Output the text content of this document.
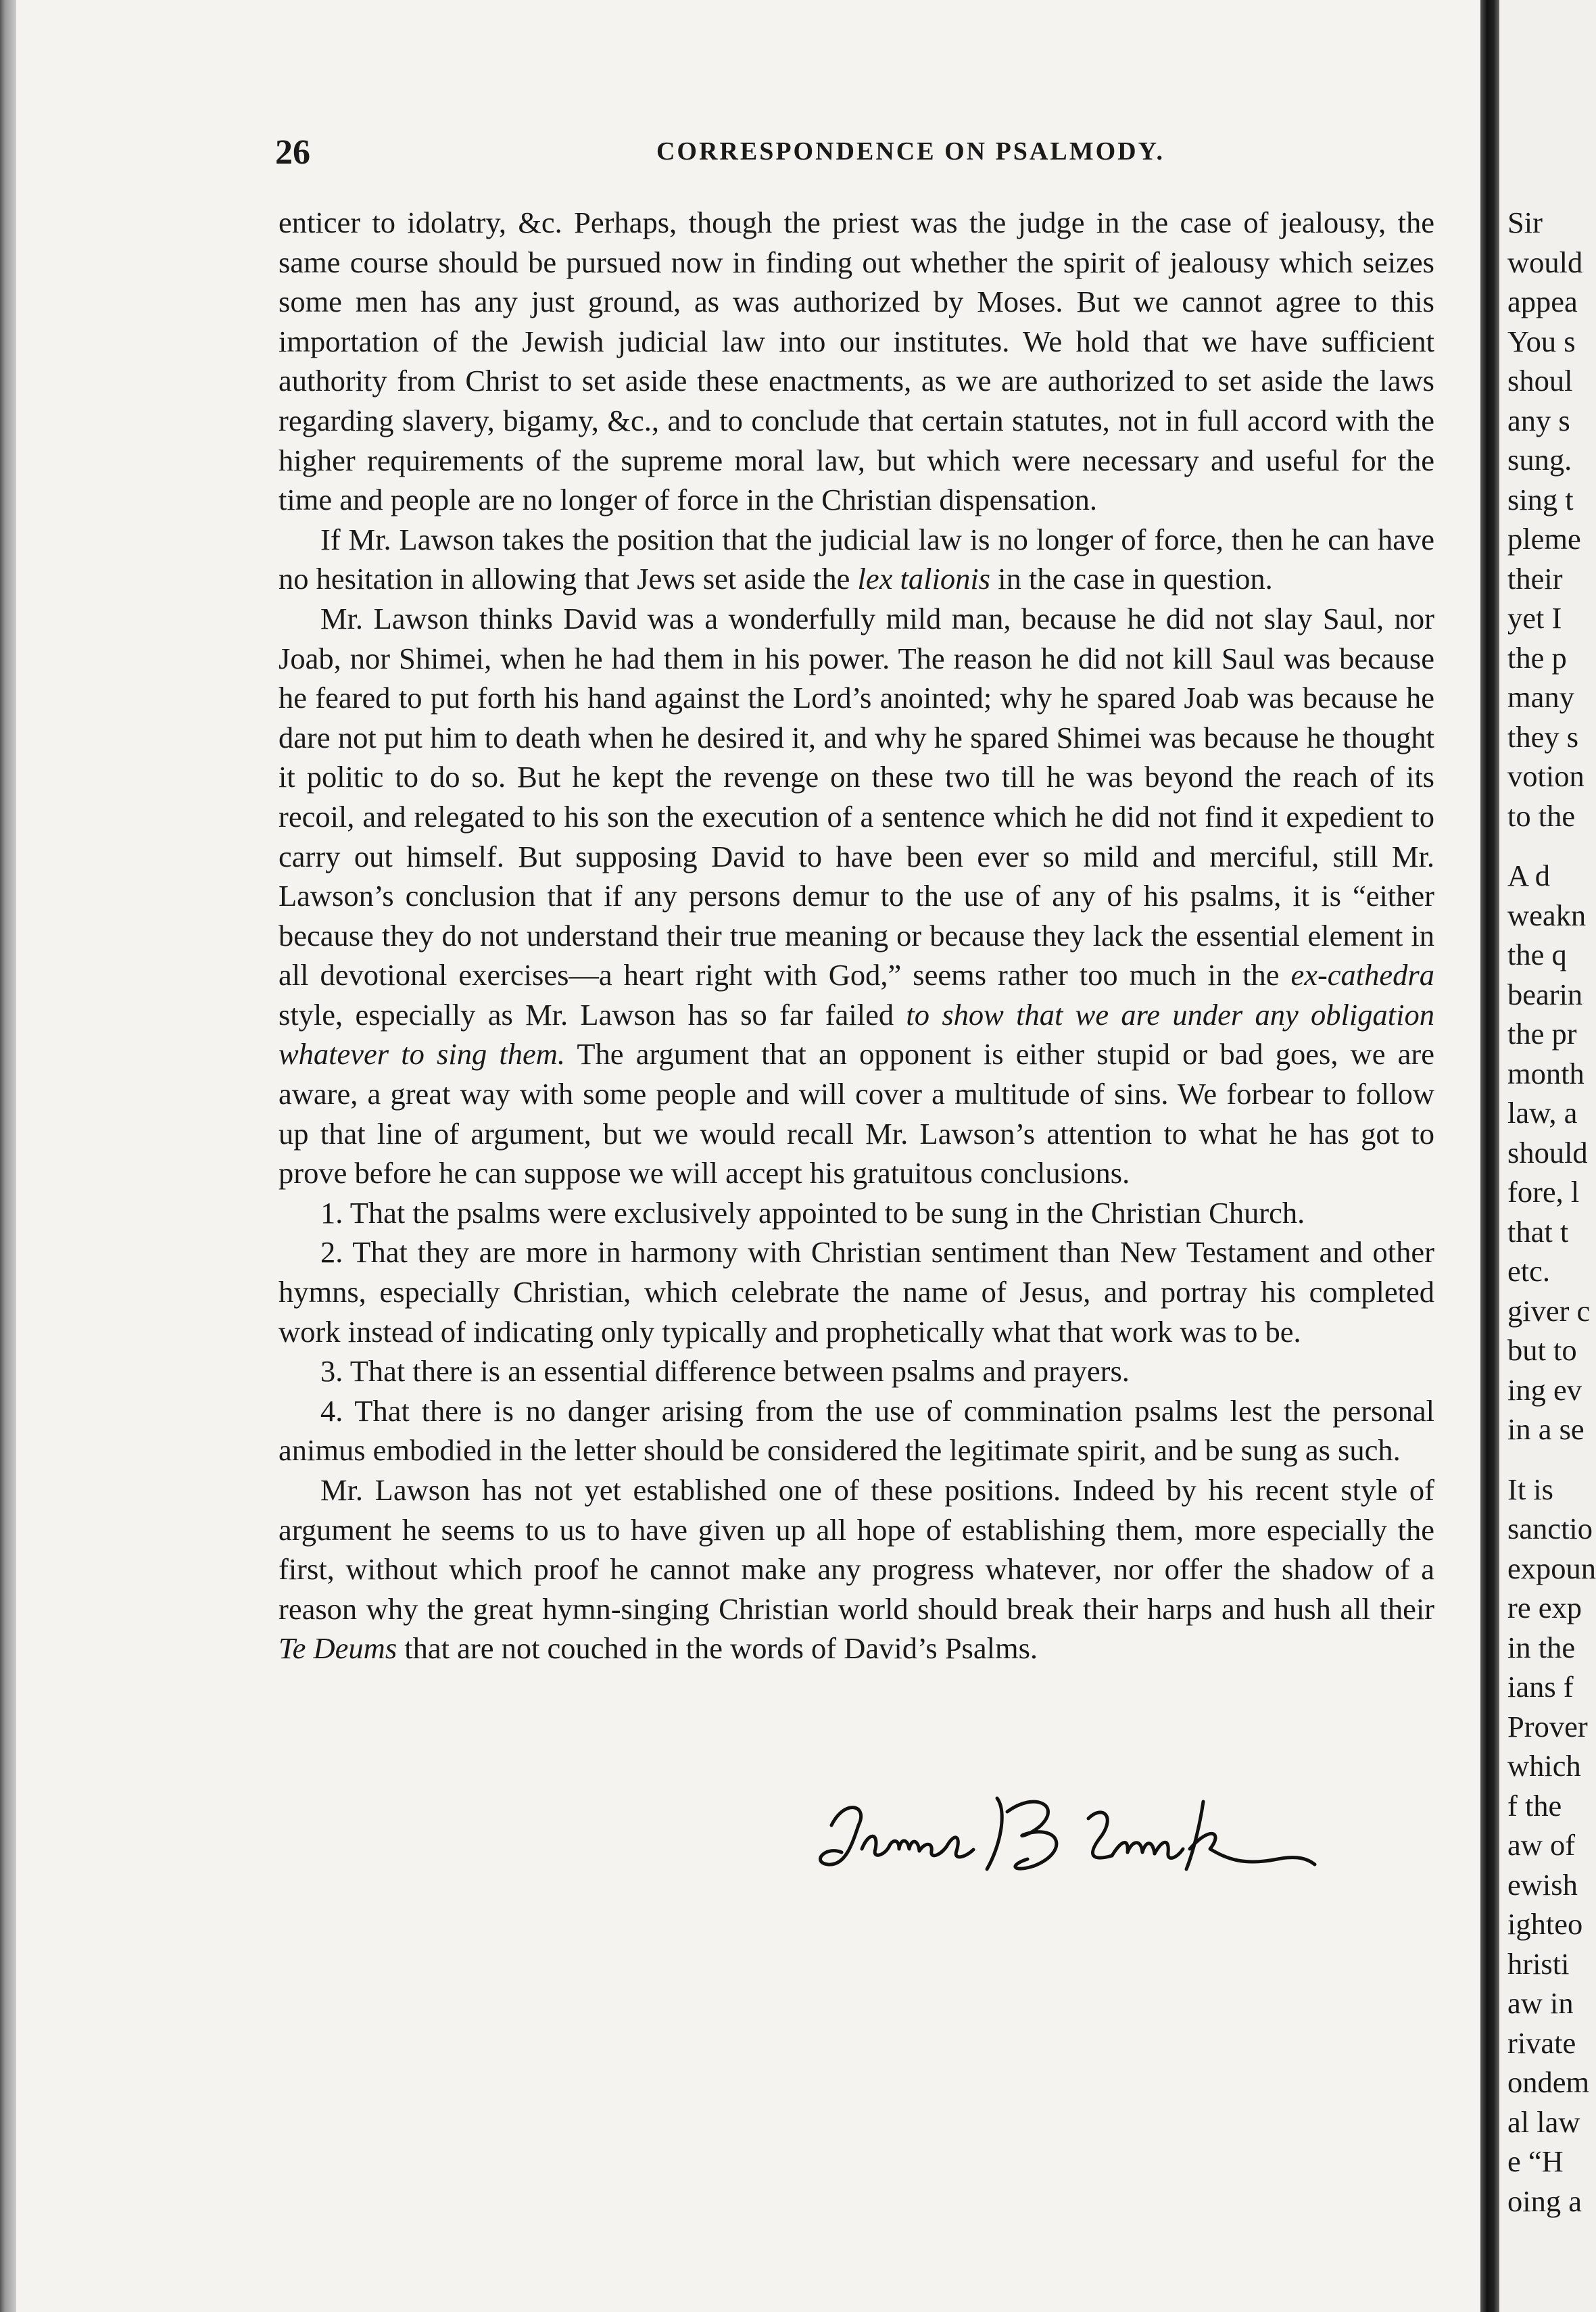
26	CORRESPONDENCE ON PSALMODY.

enticer to idolatry, &c. Perhaps, though the priest was the judge in the case of jealousy, the same course should be pursued now in finding out whether the spirit of jealousy which seizes some men has any just ground, as was authorized by Moses. But we cannot agree to this importation of the Jewish judicial law into our institutes. We hold that we have sufficient authority from Christ to set aside these enactments, as we are authorized to set aside the laws regarding slavery, bigamy, &c., and to conclude that certain statutes, not in full accord with the higher requirements of the supreme moral law, but which were necessary and useful for the time and people are no longer of force in the Christian dispensation.

If Mr. Lawson takes the position that the judicial law is no longer of force, then he can have no hesitation in allowing that Jews set aside the lex talionis in the case in question.

Mr. Lawson thinks David was a wonderfully mild man, because he did not slay Saul, nor Joab, nor Shimei, when he had them in his power. The reason he did not kill Saul was because he feared to put forth his hand against the Lord’s anointed; why he spared Joab was because he dare not put him to death when he desired it, and why he spared Shimei was because he thought it politic to do so. But he kept the revenge on these two till he was beyond the reach of its recoil, and relegated to his son the execution of a sentence which he did not find it expedient to carry out himself. But supposing David to have been ever so mild and merciful, still Mr. Lawson’s conclusion that if any persons demur to the use of any of his psalms, it is “either because they do not understand their true meaning or because they lack the essential element in all devotional exercises—a heart right with God,” seems rather too much in the ex-cathedra style, especially as Mr. Lawson has so far failed to show that we are under any obligation whatever to sing them. The argument that an opponent is either stupid or bad goes, we are aware, a great way with some people and will cover a multitude of sins. We forbear to follow up that line of argument, but we would recall Mr. Lawson’s attention to what he has got to prove before he can suppose we will accept his gratuitous conclusions.

1. That the psalms were exclusively appointed to be sung in the Christian Church.

2. That they are more in harmony with Christian sentiment than New Testament and other hymns, especially Christian, which celebrate the name of Jesus, and portray his completed work instead of indicating only typically and prophetically what that work was to be.

3. That there is an essential difference between psalms and prayers.

4. That there is no danger arising from the use of commination psalms lest the personal animus embodied in the letter should be considered the legitimate spirit, and be sung as such.

Mr. Lawson has not yet established one of these positions. Indeed by his recent style of argument he seems to us to have given up all hope of establishing them, more especially the first, without which proof he cannot make any progress whatever, nor offer the shadow of a reason why the great hymn-singing Christian world should break their harps and hush all their Te Deums that are not couched in the words of David’s Psalms.

Sir
would
appea
You s
shoul
any s
sung.
sing t
pleme
their
yet I
the p
many
they s
votion
to the
A d
weakn
the q
bearin
the pr
month
law, a
should
fore, l
that t
etc.
giver c
but to
ing ev
in a se
It is
sanctio
expoun
re exp
in the
ians f
Prover
which
f the
aw of
ewish
ighteo
hristi
aw in
rivate
ondem
al law
e “H
oing a
